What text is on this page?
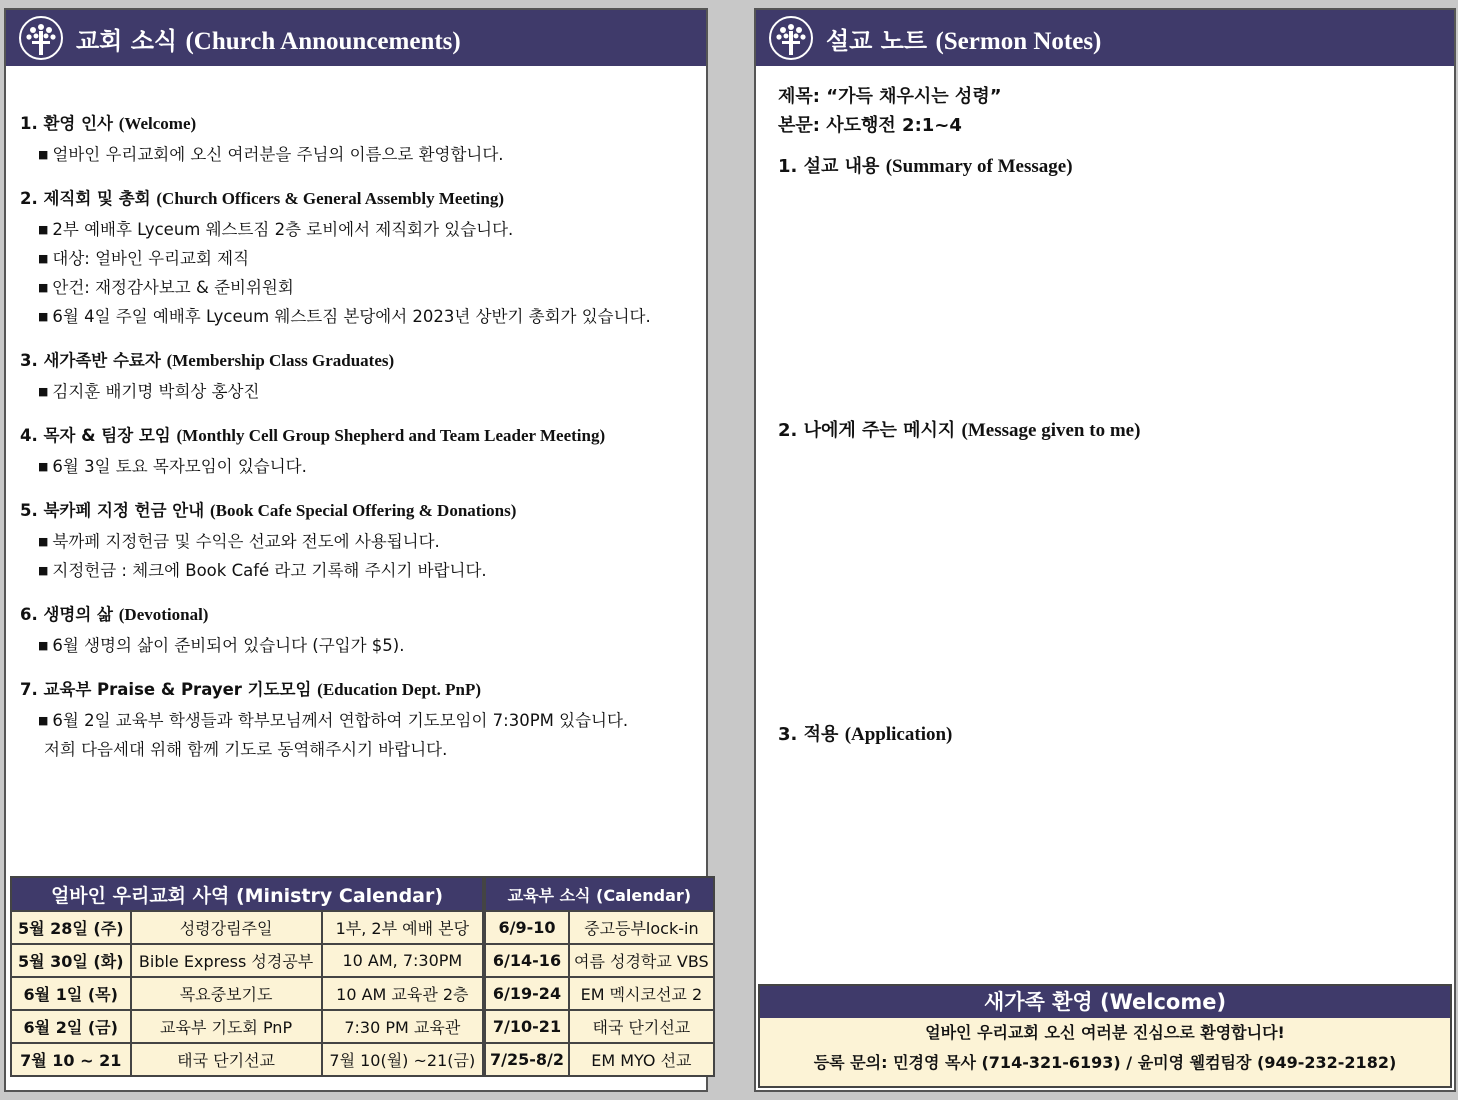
교회 소식 (Church Announcements)
1. 환영 인사 (Welcome)
■ 얼바인 우리교회에 오신 여러분을 주님의 이름으로 환영합니다.
2. 제직회 및 총회 (Church Officers & General Assembly Meeting)
■ 2부 예배후 Lyceum 웨스트짐 2층 로비에서 제직회가 있습니다.
■ 대상: 얼바인 우리교회 제직
■ 안건: 재정감사보고 & 준비위원회
■ 6월 4일 주일 예배후 Lyceum 웨스트짐 본당에서 2023년 상반기 총회가 있습니다.
3. 새가족반 수료자 (Membership Class Graduates)
■ 김지훈 배기명 박희상 홍상진
4. 목자 & 팀장 모임 (Monthly Cell Group Shepherd and Team Leader Meeting)
■ 6월 3일 토요 목자모임이 있습니다.
5. 북카페 지정 헌금 안내 (Book Cafe Special Offering & Donations)
■ 북까페 지정헌금 및 수익은 선교와 전도에 사용됩니다.
■ 지정헌금 : 체크에 Book Café 라고 기록해 주시기 바랍니다.
6. 생명의 삶 (Devotional)
■ 6월 생명의 삶이 준비되어 있습니다 (구입가 $5).
7. 교육부 Praise & Prayer 기도모임 (Education Dept. PnP)
■ 6월 2일 교육부 학생들과 학부모님께서 연합하여 기도모임이 7:30PM 있습니다.
저희 다음세대 위해 함께 기도로 동역해주시기 바랍니다.
얼바인 우리교회 사역 (Ministry Calendar)		
5월 28일 (주)	성령강림주일	1부, 2부 예배 본당
5월 30일 (화)	Bible Express 성경공부	10 AM, 7:30PM
6월 1일 (목)	목요중보기도	10 AM 교육관 2층
6월 2일 (금)	교육부 기도회 PnP	7:30 PM 교육관
7월 10 ~ 21	태국 단기선교	7월 10(월) ~21(금)
교육부 소식 (Calendar)	
6/9-10	중고등부lock-in
6/14-16	여름 성경학교 VBS
6/19-24	EM 멕시코선교 2
7/10-21	태국 단기선교
7/25-8/2	EM MYO 선교
설교 노트 (Sermon Notes)
제목: “가득 채우시는 성령”
본문: 사도행전 2:1~4
1. 설교 내용 (Summary of Message)
2. 나에게 주는 메시지 (Message given to me)
3. 적용 (Application)
새가족 환영 (Welcome)
얼바인 우리교회 오신 여러분 진심으로 환영합니다!
등록 문의: 민경영 목사 (714-321-6193) / 윤미영 웰컴팀장 (949-232-2182)
